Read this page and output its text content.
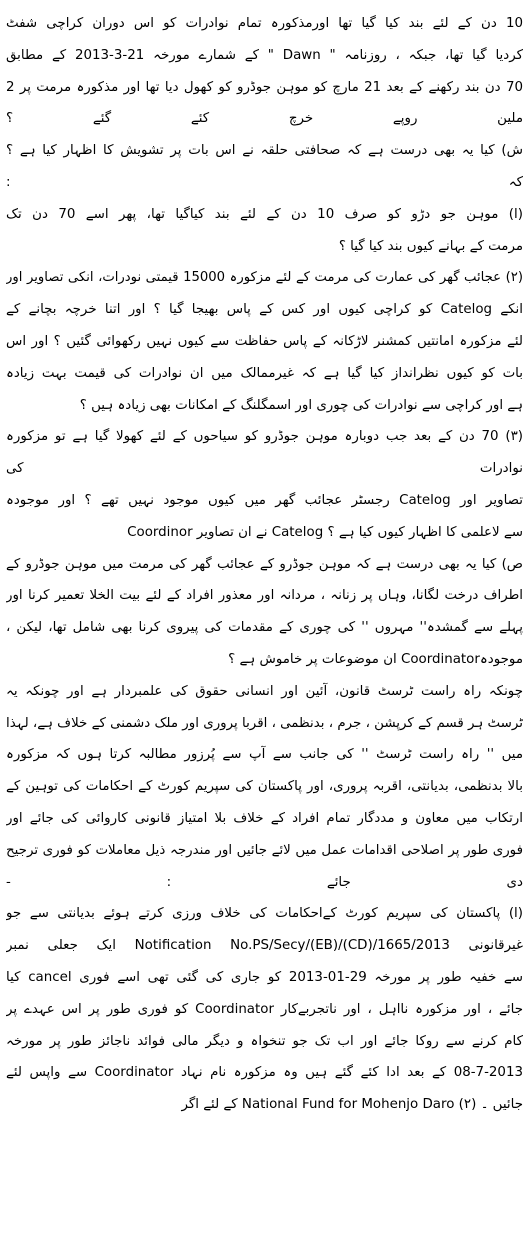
10 دن کے لئے بند کیا گیا تھا اورمذکورہ تمام نوادرات کو اس دوران کراچی شفٹ
کردیا گیا تھا، جبکہ ، روزنامہ " Dawn " کے شمارے مورخہ 21-3-2013 کے مطابق
70 دن بند رکھنے کے بعد 21 مارچ کو موہن جوڈرو کو کھول دیا تھا اور مذکورہ مرمت پر 2
ملین روپے خرچ کئے گئے ؟
ش) کیا یہ بھی درست ہے کہ صحافتی حلقہ نے اس بات پر تشویش کا اظہار کیا ہے ؟
کہ :
(ا) موہن جو دڑو کو صرف 10 دن کے لئے بند کیاگیا تھا، پھر اسے 70 دن تک
مرمت کے بہانے کیوں بند کیا گیا ؟
(۲) عجائب گھر کی عمارت کی مرمت کے لئے مزکورہ 15000 قیمتی نودرات، انکی تصاویر اور
انکے Catelog کو کراچی کیوں اور کس کے پاس بھیجا گیا ؟ اور اتنا خرچہ بچانے کے
لئے مزکورہ امانتیں کمشنر لاڑکانہ کے پاس حفاظت سے کیوں نہیں رکھوائی گئیں ؟ اور اس
بات کو کیوں نظرانداز کیا گیا ہے کہ غیرممالک میں ان نوادرات کی قیمت بہت زیادہ
ہے اور کراچی سے نوادرات کی چوری اور اسمگلنگ کے امکانات بھی زیادہ ہیں ؟
(۳) 70 دن کے بعد جب دوبارہ موہن جوڈرو کو سیاحوں کے لئے کھولا گیا ہے تو مزکورہ
نوادرات کی
تصاویر اور Catelog رجسٹر عجائب گھر میں کیوں موجود نہیں تھے ؟ اور موجودہ
Coordinor نے ان تصاویر Catelog سے لاعلمی کا اظہار کیوں کیا ہے ؟
ص) کیا یہ بھی درست ہے کہ موہن جوڈرو کے عجائب گھر کی مرمت میں موہن جوڈرو کے
اطراف درخت لگانا، وہاں پر زنانہ ، مردانہ اور معذور افراد کے لئے بیت الخلا تعمیر کرنا اور
پہلے سے گمشدہ'' مہروں '' کی چوری کے مقدمات کی پیروی کرنا بھی شامل تھا، لیکن ،
موجودہCoordinator ان موضوعات پر خاموش ہے ؟
چونکہ راہ راست ٹرسٹ قانون، آئین اور انسانی حقوق کی علمبردار ہے اور چونکہ یہ
ٹرسٹ ہر قسم کے کرپشن ، جرم ، بدنظمی ، اقربا پروری اور ملک دشمنی کے خلاف ہے، لہذا
میں '' راہ راست ٹرسٹ '' کی جانب سے آپ سے پُرزور مطالبہ کرتا ہوں کہ مزکورہ
بالا بدنظمی، بدیانتی، اقربہ پروری، اور پاکستان کی سپریم کورٹ کے احکامات کی توہین کے
ارتکاب میں معاون و مددگار تمام افراد کے خلاف بلا امتیاز قانونی کاروائی کی جائے اور
فوری طور پر اصلاحی اقدامات عمل میں لائے جائیں اور مندرجہ ذیل معاملات کو فوری ترجیح
دی جائے : -
(ا) پاکستان کی سپریم کورٹ کےاحکامات کی خلاف ورزی کرتے ہوئے بدیانتی سے جو
غیرقانونی Notification No.PS/Secy/(EB)/(CD)/1665/2013 ایک جعلی نمبر
سے خفیہ طور پر مورخہ 29-01-2013 کو جاری کی گئی تھی اسے فوری cancel کیا
جائے ، اور مزکورہ نااہل ، اور ناتجربےکار Coordinator کو فوری طور پر اس عہدے پر
کام کرنے سے روکا جائے اور اب تک جو تنخواہ و دیگر مالی فوائد ناجائز طور پر مورخہ
08-7-2013 کے بعد ادا کئے گئے ہیں وہ مزکورہ نام نہاد Coordinator سے واپس لئے
جائیں ۔ (۲) National Fund for Mohenjo Daro کے لئے اگر
